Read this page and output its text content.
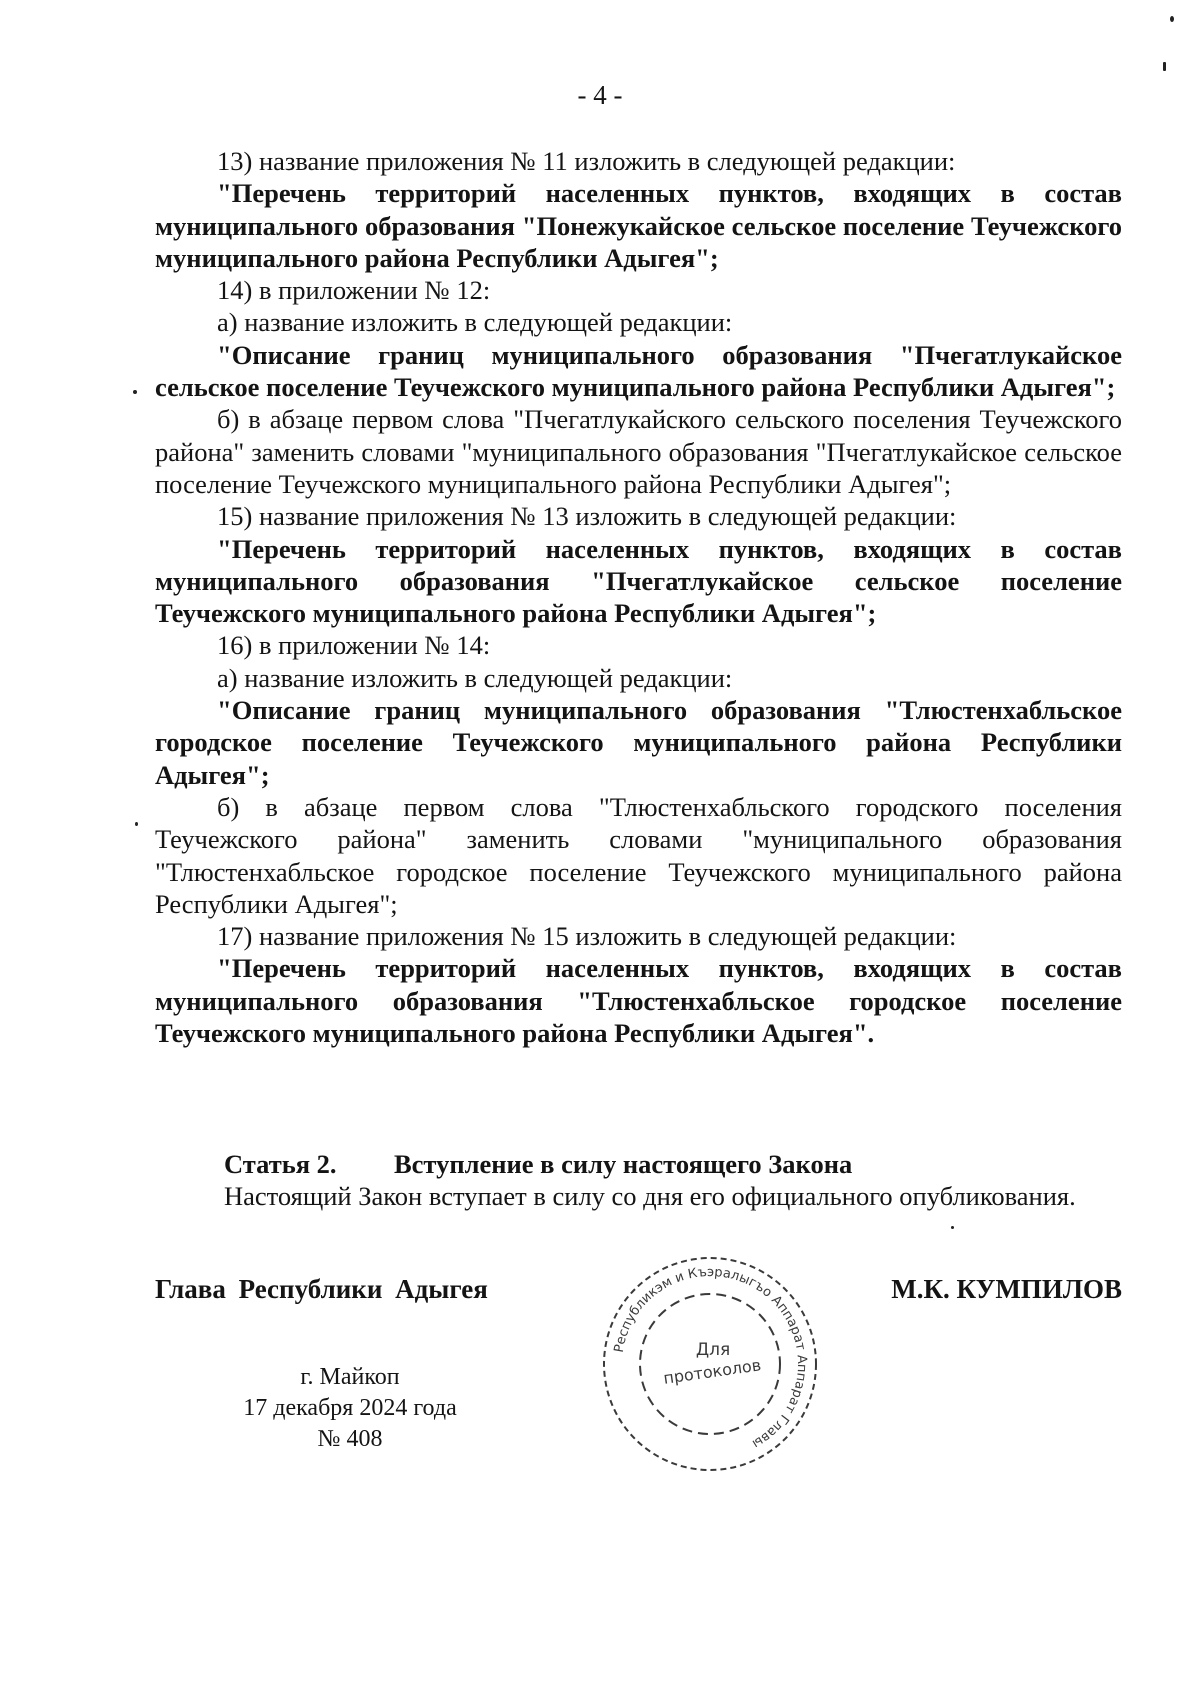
- 4 -

13) название приложения № 11 изложить в следующей редакции:

"Перечень территорий населенных пунктов, входящих в состав муниципального образования "Понежукайское сельское поселение Теучежского муниципального района Республики Адыгея";

14) в приложении № 12:

а) название изложить в следующей редакции:

"Описание границ муниципального образования "Пчегатлукайское сельское поселение Теучежского муниципального района Республики Адыгея";

б) в абзаце первом слова "Пчегатлукайского сельского поселения Теучежского района" заменить словами "муниципального образования "Пчегатлукайское сельское поселение Теучежского муниципального района Республики Адыгея";

15) название приложения № 13 изложить в следующей редакции:

"Перечень территорий населенных пунктов, входящих в состав муниципального образования "Пчегатлукайское сельское поселение Теучежского муниципального района Республики Адыгея";

16) в приложении № 14:

а) название изложить в следующей редакции:

"Описание границ муниципального образования "Тлюстенхабльское городское поселение Теучежского муниципального района Республики Адыгея";

б) в абзаце первом слова "Тлюстенхабльского городского поселения Теучежского района" заменить словами "муниципального образования "Тлюстенхабльское городское поселение Теучежского муниципального района Республики Адыгея";

17) название приложения № 15 изложить в следующей редакции:

"Перечень территорий населенных пунктов, входящих в состав муниципального образования "Тлюстенхабльское городское поселение Теучежского муниципального района Республики Адыгея".

Статья 2. Вступление в силу настоящего Закона
Настоящий Закон вступает в силу со дня его официального опубликования.
Глава Республики Адыгея	М.К. КУМПИЛОВ
г. Майкоп
17 декабря 2024 года
№ 408
Республикэм и Къэралыгъо Аппарат Аппарат Главы
Для
протоколов
